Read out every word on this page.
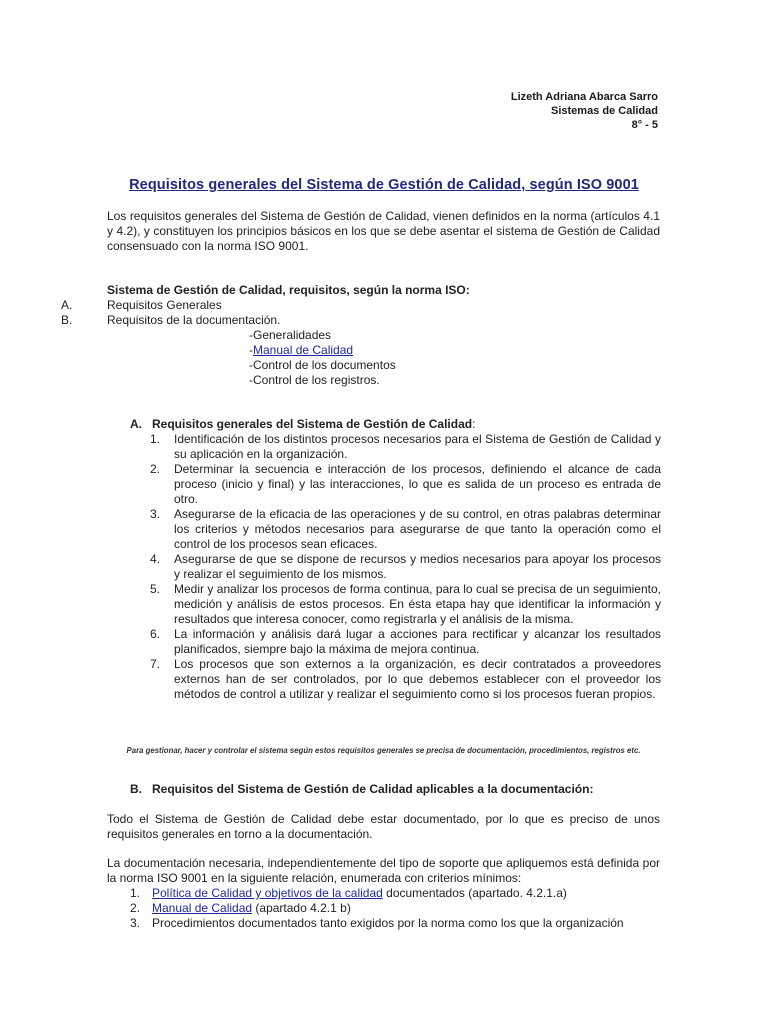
Lizeth Adriana Abarca Sarro
Sistemas de Calidad
8° - 5
Requisitos generales del Sistema de Gestión de Calidad, según ISO 9001
Los requisitos generales del Sistema de Gestión de Calidad, vienen definidos en la norma (artículos 4.1 y 4.2), y constituyen los principios básicos en los que se debe asentar el sistema de Gestión de Calidad consensuado con la norma ISO 9001.
Sistema de Gestión de Calidad, requisitos, según la norma ISO:
A.	Requisitos Generales
B.	Requisitos de la documentación.
-Generalidades
-Manual de Calidad
-Control de los documentos
-Control de los registros.
A. Requisitos generales del Sistema de Gestión de Calidad:
1.	Identificación de los distintos procesos necesarios para el Sistema de Gestión de Calidad y su aplicación en la organización.
2.	Determinar la secuencia e interacción de los procesos, definiendo el alcance de cada proceso (inicio y final) y las interacciones, lo que es salida de un proceso es entrada de otro.
3.	Asegurarse de la eficacia de las operaciones y de su control, en otras palabras determinar los criterios y métodos necesarios para asegurarse de que tanto la operación como el control de los procesos sean eficaces.
4.	Asegurarse de que se dispone de recursos y medios necesarios para apoyar los procesos y realizar el seguimiento de los mismos.
5.	Medir y analizar los procesos de forma continua, para lo cual se precisa de un seguimiento, medición y análisis de estos procesos. En ésta etapa hay que identificar la información y resultados que interesa conocer, como registrarla y el análisis de la misma.
6.	La información y análisis dará lugar a acciones para rectificar y alcanzar los resultados planificados, siempre bajo la máxima de mejora continua.
7.	Los procesos que son externos a la organización, es decir contratados a proveedores externos han de ser controlados, por lo que debemos establecer con el proveedor los métodos de control a utilizar y realizar el seguimiento como si los procesos fueran propios.
Para gestionar, hacer y controlar el sistema según estos requisitos generales se precisa de documentación, procedimientos, registros etc.
B. Requisitos del Sistema de Gestión de Calidad aplicables a la documentación:
Todo el Sistema de Gestión de Calidad debe estar documentado, por lo que es preciso de unos requisitos generales en torno a la documentación.
La documentación necesaria, independientemente del tipo de soporte que apliquemos está definida por la norma ISO 9001 en la siguiente relación, enumerada con criterios mínimos:
1. Política de Calidad y objetivos de la calidad documentados (apartado. 4.2.1.a)
2. Manual de Calidad (apartado 4.2.1 b)
3. Procedimientos documentados tanto exigidos por la norma como los que la organización
